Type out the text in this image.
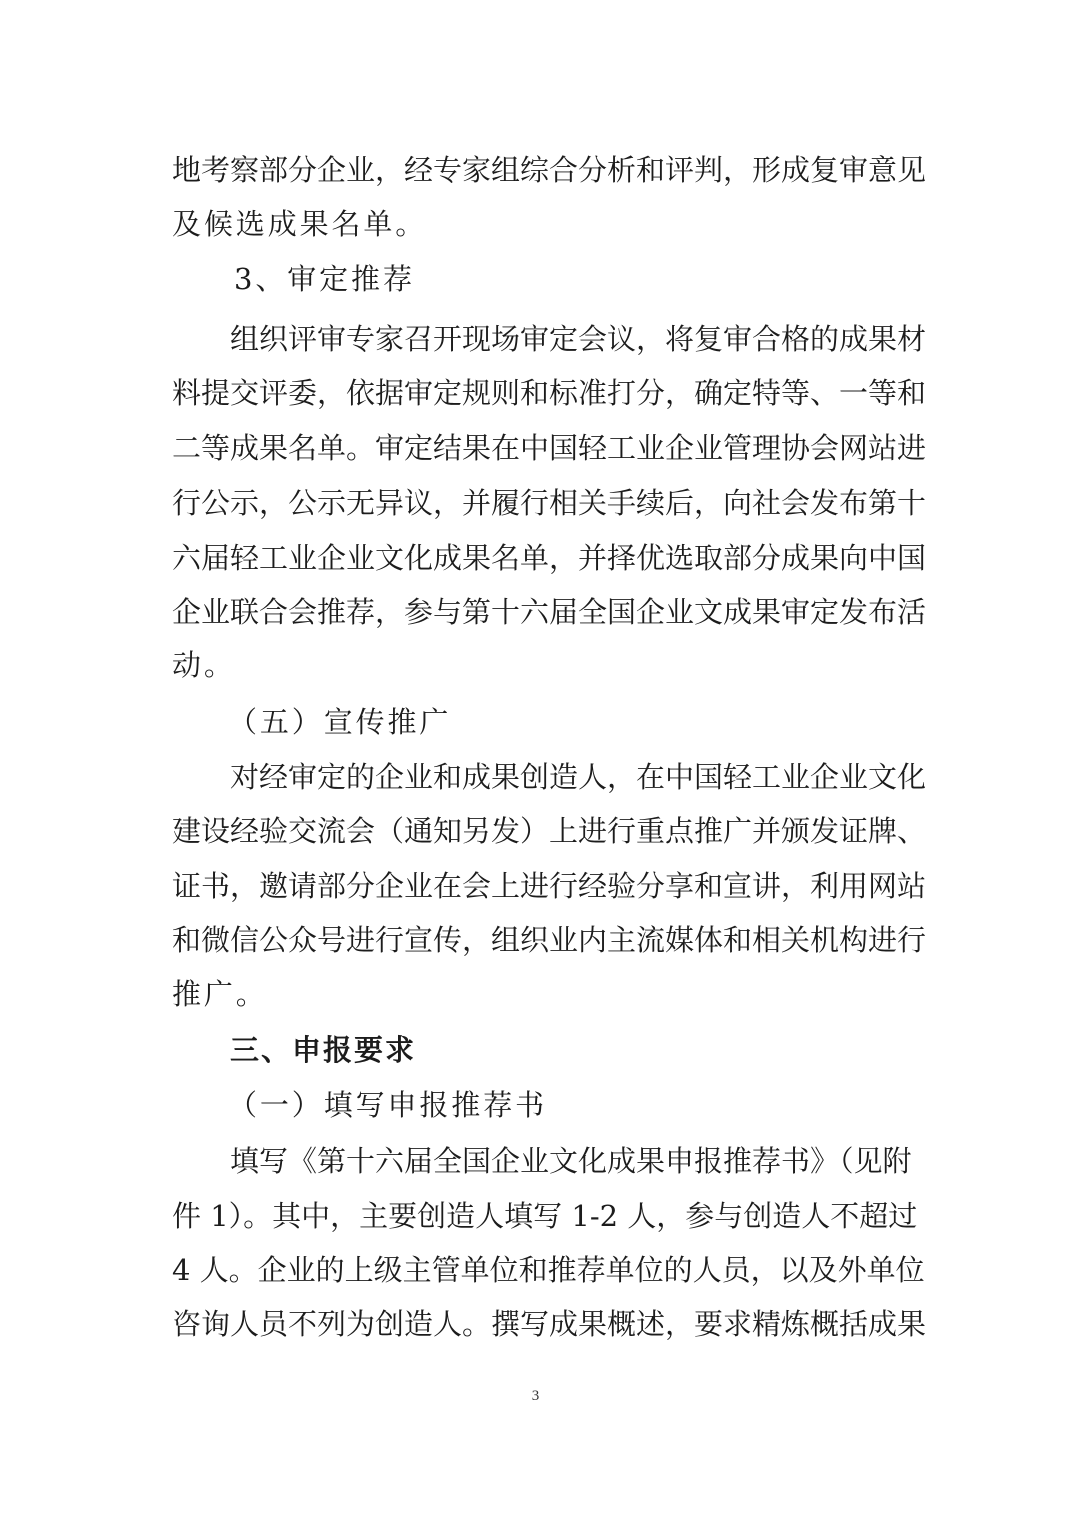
地考察部分企业，经专家组综合分析和评判，形成复审意见
及候选成果名单。
3、审定推荐
组织评审专家召开现场审定会议，将复审合格的成果材
料提交评委，依据审定规则和标准打分，确定特等、一等和
二等成果名单。审定结果在中国轻工业企业管理协会网站进
行公示，公示无异议，并履行相关手续后，向社会发布第十
六届轻工业企业文化成果名单，并择优选取部分成果向中国
企业联合会推荐，参与第十六届全国企业文成果审定发布活
动。
（五）宣传推广
对经审定的企业和成果创造人，在中国轻工业企业文化
建设经验交流会（通知另发）上进行重点推广并颁发证牌、
证书，邀请部分企业在会上进行经验分享和宣讲，利用网站
和微信公众号进行宣传，组织业内主流媒体和相关机构进行
推广。
三、申报要求
（一）填写申报推荐书
填写《第十六届全国企业文化成果申报推荐书》（见附
件 1）。其中，主要创造人填写 1-2 人，参与创造人不超过
4 人。企业的上级主管单位和推荐单位的人员，以及外单位
咨询人员不列为创造人。撰写成果概述，要求精炼概括成果
3
